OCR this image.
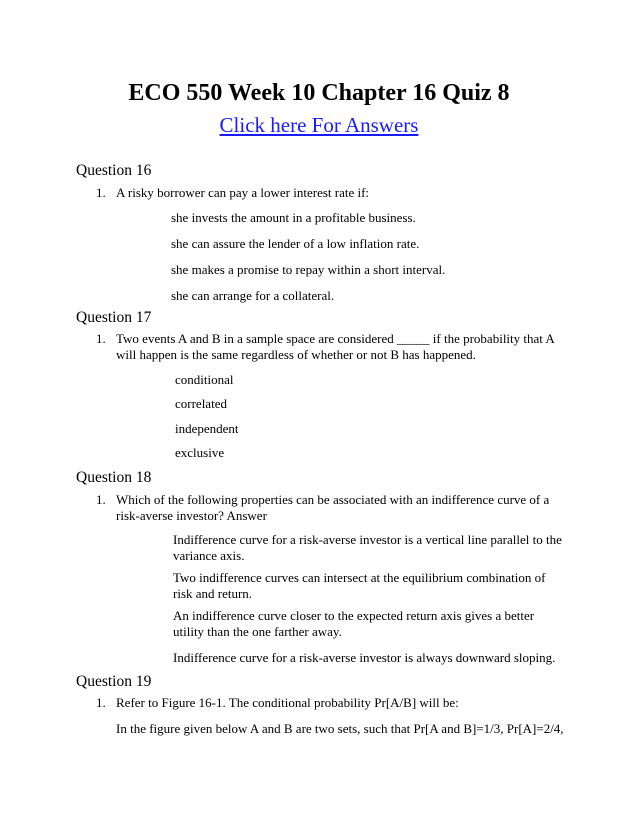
ECO 550 Week 10 Chapter 16 Quiz 8
Click here For Answers
Question 16
1. A risky borrower can pay a lower interest rate if:
she invests the amount in a profitable business.
she can assure the lender of a low inflation rate.
she makes a promise to repay within a short interval.
she can arrange for a collateral.
Question 17
1. Two events A and B in a sample space are considered _____ if the probability that A will happen is the same regardless of whether or not B has happened.
conditional
correlated
independent
exclusive
Question 18
1. Which of the following properties can be associated with an indifference curve of a risk-averse investor? Answer
Indifference curve for a risk-averse investor is a vertical line parallel to the variance axis.
Two indifference curves can intersect at the equilibrium combination of risk and return.
An indifference curve closer to the expected return axis gives a better utility than the one farther away.
Indifference curve for a risk-averse investor is always downward sloping.
Question 19
1. Refer to Figure 16-1. The conditional probability Pr[A/B] will be:
In the figure given below A and B are two sets, such that Pr[A and B]=1/3, Pr[A]=2/4,
